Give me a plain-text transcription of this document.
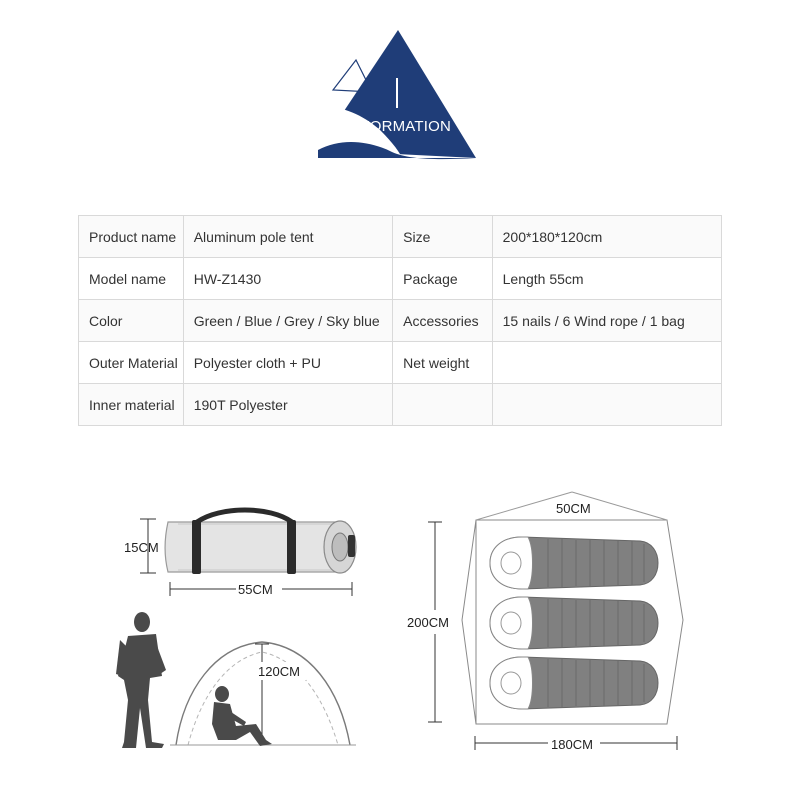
INFORMATION
Product name	Aluminum pole tent	Size	200*180*120cm
Model name	HW-Z1430	Package	Length 55cm
Color	Green / Blue / Grey / Sky blue	Accessories	15 nails / 6 Wind rope / 1 bag
Outer Material	Polyester cloth + PU	Net weight	
Inner material	190T Polyester		
15CM
55CM
120CM
50CM
200CM
180CM
